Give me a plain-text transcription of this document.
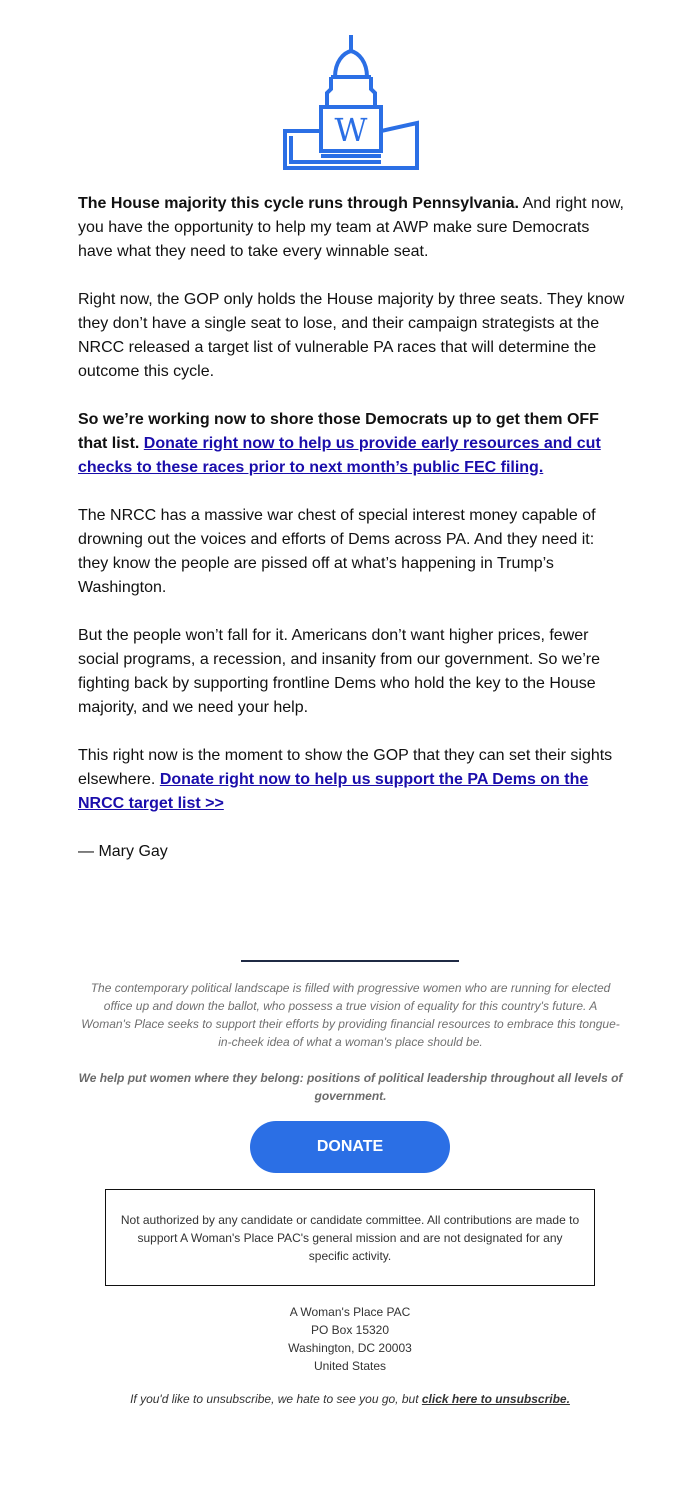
W

The House majority this cycle runs through Pennsylvania. And right now, you have the opportunity to help my team at AWP make sure Democrats have what they need to take every winnable seat.

Right now, the GOP only holds the House majority by three seats. They know they don’t have a single seat to lose, and their campaign strategists at the NRCC released a target list of vulnerable PA races that will determine the outcome this cycle.

So we’re working now to shore those Democrats up to get them OFF that list. Donate right now to help us provide early resources and cut checks to these races prior to next month’s public FEC filing.

The NRCC has a massive war chest of special interest money capable of drowning out the voices and efforts of Dems across PA. And they need it: they know the people are pissed off at what’s happening in Trump’s Washington.

But the people won’t fall for it. Americans don’t want higher prices, fewer social programs, a recession, and insanity from our government. So we’re fighting back by supporting frontline Dems who hold the key to the House majority, and we need your help.

This right now is the moment to show the GOP that they can set their sights elsewhere. Donate right now to help us support the PA Dems on the NRCC target list >>

— Mary Gay

The contemporary political landscape is filled with progressive women who are running for elected office up and down the ballot, who possess a true vision of equality for this country's future. A Woman's Place seeks to support their efforts by providing financial resources to embrace this tongue-in-cheek idea of what a woman's place should be.
We help put women where they belong: positions of political leadership throughout all levels of government.
DONATE
Not authorized by any candidate or candidate committee. All contributions are made to support A Woman's Place PAC's general mission and are not designated for any specific activity.
A Woman's Place PAC
PO Box 15320
Washington, DC 20003
United States
If you'd like to unsubscribe, we hate to see you go, but click here to unsubscribe.
